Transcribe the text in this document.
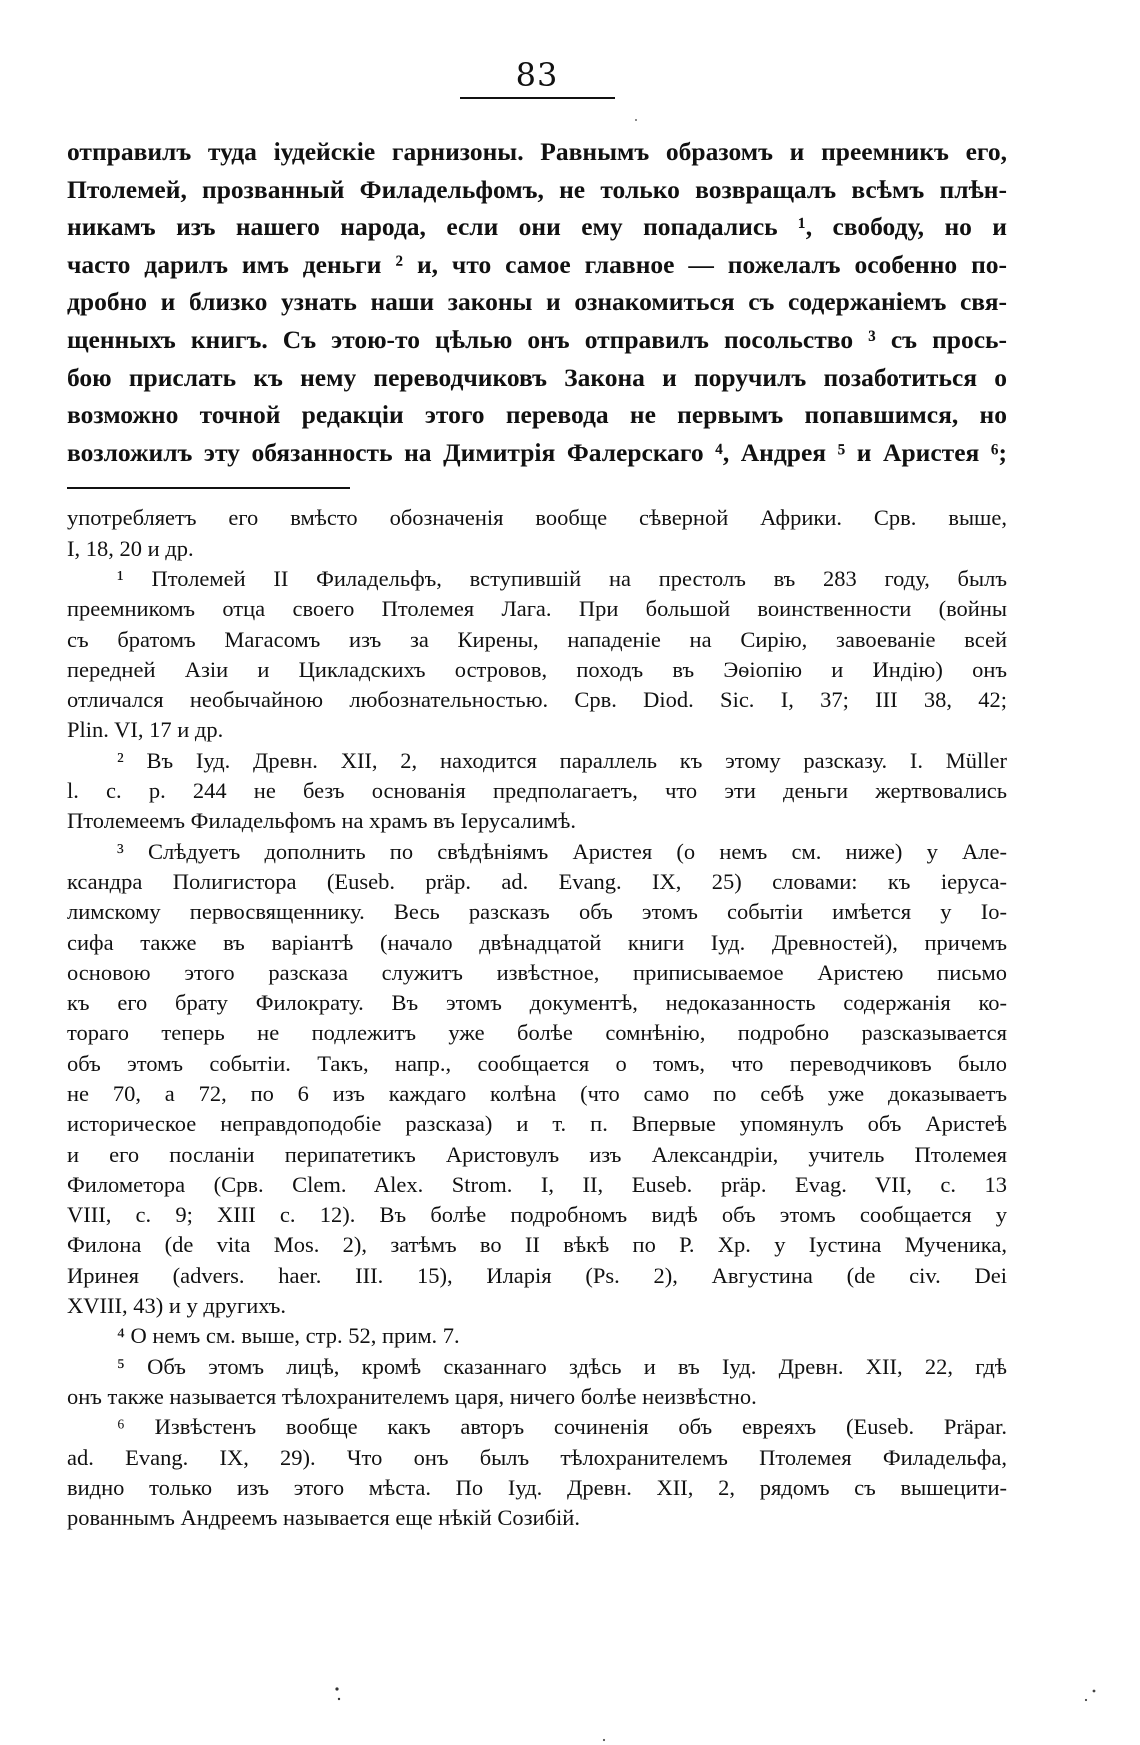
83
отправилъ туда іудейскіе гарнизоны. Равнымъ образомъ и преемникъ его,
Птолемей, прозванный Филадельфомъ, не только возвращалъ всѣмъ плѣн-
никамъ изъ нашего народа, если они ему попадались ¹, свободу, но и
часто дарилъ имъ деньги ² и, что самое главное — пожелалъ особенно по-
дробно и близко узнать наши законы и ознакомиться съ содержаніемъ свя-
щенныхъ книгъ. Съ этою-то цѣлью онъ отправилъ посольство ³ съ прось-
бою прислать къ нему переводчиковъ Закона и поручилъ позаботиться о
возможно точной редакціи этого перевода не первымъ попавшимся, но
возложилъ эту обязанность на Димитрія Фалерскаго ⁴, Андрея ⁵ и Аристея ⁶;
употребляетъ его вмѣсто обозначенія вообще сѣверной Африки. Срв. выше,
I, 18, 20 и др.
¹ Птолемей II Филадельфъ, вступившій на престолъ въ 283 году, былъ
преемникомъ отца своего Птолемея Лага. При большой воинственности (войны
съ братомъ Магасомъ изъ за Кирены, нападеніе на Сирію, завоеваніе всей
передней Азіи и Цикладскихъ островов, походъ въ Эѳіопію и Индію) онъ
отличался необычайною любознательностью. Срв. Diod. Sic. I, 37; III 38, 42;
Plin. VI, 17 и др.
² Въ Іуд. Древн. XII, 2, находится параллель къ этому разсказу. I. Müller
l. c. p. 244 не безъ основанія предполагаетъ, что эти деньги жертвовались
Птолемеемъ Филадельфомъ на храмъ въ Іерусалимѣ.
³ Слѣдуетъ дополнить по свѣдѣніямъ Аристея (о немъ см. ниже) у Але-
ксандра Полигистора (Euseb. präp. ad. Evang. IX, 25) словами: къ іеруса-
лимскому первосвященнику. Весь разсказъ объ этомъ событіи имѣется у Іо-
сифа также въ варіантѣ (начало двѣнадцатой книги Іуд. Древностей), причемъ
основою этого разсказа служитъ извѣстное, приписываемое Аристею письмо
къ его брату Филократу. Въ этомъ документѣ, недоказанность содержанія ко-
тораго теперь не подлежитъ уже болѣе сомнѣнію, подробно разсказывается
объ этомъ событіи. Такъ, напр., сообщается о томъ, что переводчиковъ было
не 70, а 72, по 6 изъ каждаго колѣна (что само по себѣ уже доказываетъ
историческое неправдоподобіе разсказа) и т. п. Впервые упомянулъ объ Аристеѣ
и его посланіи перипатетикъ Аристовулъ изъ Александріи, учитель Птолемея
Филометора (Срв. Clem. Alex. Strom. I, II, Euseb. präp. Evag. VII, c. 13
VIII, c. 9; XIII c. 12). Въ болѣе подробномъ видѣ объ этомъ сообщается у
Филона (de vita Mos. 2), затѣмъ во II вѣкѣ по Р. Хр. у Іустина Мученика,
Иринея (advers. haer. III. 15), Иларія (Ps. 2), Августина (de civ. Dei
XVIII, 43) и у другихъ.
⁴ О немъ см. выше, стр. 52, прим. 7.
⁵ Объ этомъ лицѣ, кромѣ сказаннаго здѣсь и въ Іуд. Древн. XII, 22, гдѣ
онъ также называется тѣлохранителемъ царя, ничего болѣе неизвѣстно.
⁶ Извѣстенъ вообще какъ авторъ сочиненія объ евреяхъ (Euseb. Präpar.
ad. Evang. IX, 29). Что онъ былъ тѣлохранителемъ Птолемея Филадельфа,
видно только изъ этого мѣста. По Іуд. Древн. XII, 2, рядомъ съ вышецити-
рованнымъ Андреемъ называется еще нѣкій Созибій.
